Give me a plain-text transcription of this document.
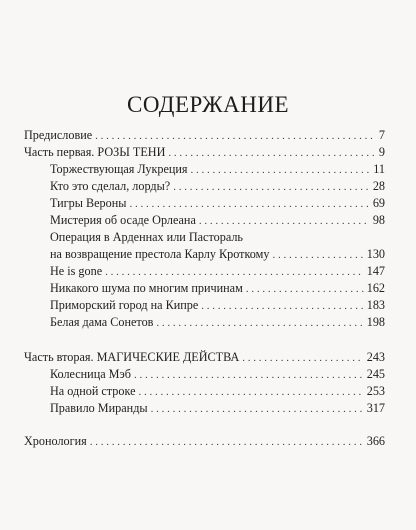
СОДЕРЖАНИЕ
Предисловие . . .	7
Часть первая. РОЗЫ ТЕНИ . . .	9
Торжествующая Лукреция . . .	11
Кто это сделал, лорды? . . .	28
Тигры Вероны . . .	69
Мистерия об осаде Орлеана . . .	98
Операция в Арденнах или Пастораль
на возвращение престола Карлу Кроткому . . .	130
He is gone . . .	147
Никакого шума по многим причинам . . .	162
Приморский город на Кипре . . .	183
Белая дама Сонетов . . .	198
Часть вторая. МАГИЧЕСКИЕ ДЕЙСТВА . . .	243
Колесница Мэб . . .	245
На одной строке . . .	253
Правило Миранды . . .	317
Хронология . . .	366
